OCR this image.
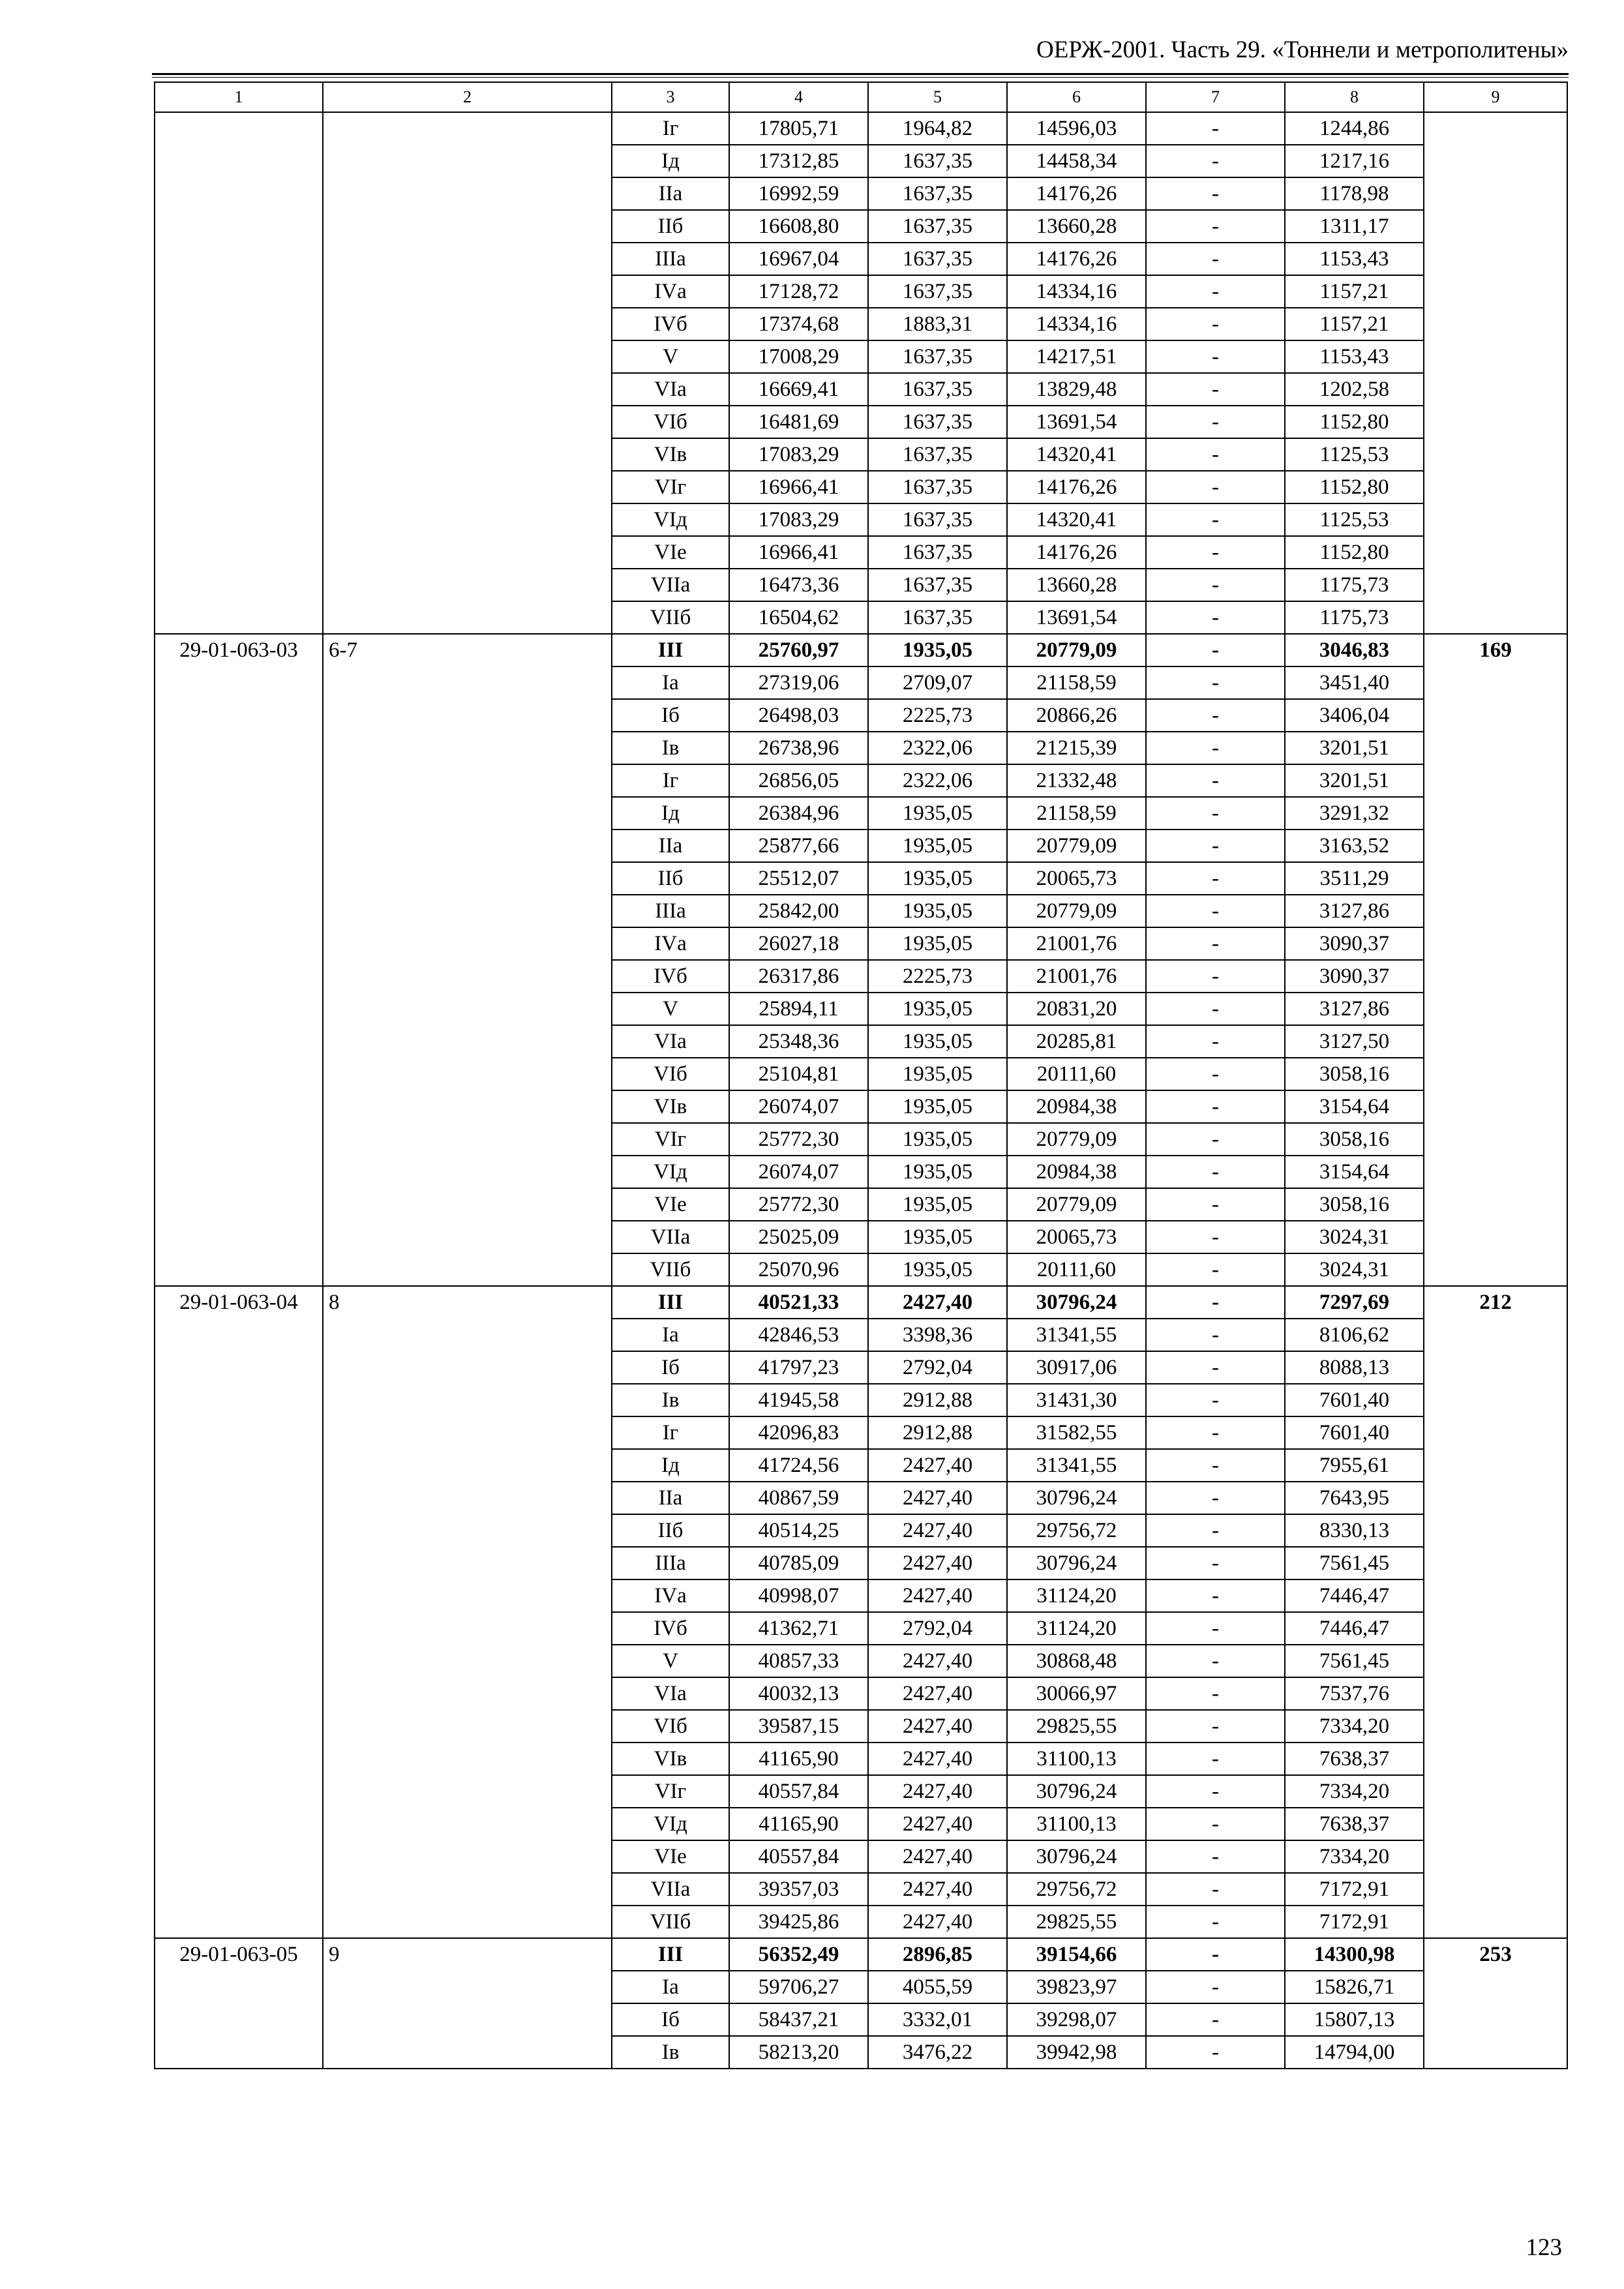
ОЕРЖ-2001. Часть 29. «Тоннели и метрополитены»
1	2	3	4	5	6	7	8	9
		Iг	17805,71	1964,82	14596,03	-	1244,86	
		Iд	17312,85	1637,35	14458,34	-	1217,16	
		IIа	16992,59	1637,35	14176,26	-	1178,98	
		IIб	16608,80	1637,35	13660,28	-	1311,17	
		IIIа	16967,04	1637,35	14176,26	-	1153,43	
		IVа	17128,72	1637,35	14334,16	-	1157,21	
		IVб	17374,68	1883,31	14334,16	-	1157,21	
		V	17008,29	1637,35	14217,51	-	1153,43	
		VIа	16669,41	1637,35	13829,48	-	1202,58	
		VIб	16481,69	1637,35	13691,54	-	1152,80	
		VIв	17083,29	1637,35	14320,41	-	1125,53	
		VIг	16966,41	1637,35	14176,26	-	1152,80	
		VIд	17083,29	1637,35	14320,41	-	1125,53	
		VIе	16966,41	1637,35	14176,26	-	1152,80	
		VIIа	16473,36	1637,35	13660,28	-	1175,73	
		VIIб	16504,62	1637,35	13691,54	-	1175,73	
29-01-063-03	6-7	III	25760,97	1935,05	20779,09	-	3046,83	169
		Iа	27319,06	2709,07	21158,59	-	3451,40	
		Iб	26498,03	2225,73	20866,26	-	3406,04	
		Iв	26738,96	2322,06	21215,39	-	3201,51	
		Iг	26856,05	2322,06	21332,48	-	3201,51	
		Iд	26384,96	1935,05	21158,59	-	3291,32	
		IIа	25877,66	1935,05	20779,09	-	3163,52	
		IIб	25512,07	1935,05	20065,73	-	3511,29	
		IIIа	25842,00	1935,05	20779,09	-	3127,86	
		IVа	26027,18	1935,05	21001,76	-	3090,37	
		IVб	26317,86	2225,73	21001,76	-	3090,37	
		V	25894,11	1935,05	20831,20	-	3127,86	
		VIа	25348,36	1935,05	20285,81	-	3127,50	
		VIб	25104,81	1935,05	20111,60	-	3058,16	
		VIв	26074,07	1935,05	20984,38	-	3154,64	
		VIг	25772,30	1935,05	20779,09	-	3058,16	
		VIд	26074,07	1935,05	20984,38	-	3154,64	
		VIе	25772,30	1935,05	20779,09	-	3058,16	
		VIIа	25025,09	1935,05	20065,73	-	3024,31	
		VIIб	25070,96	1935,05	20111,60	-	3024,31	
29-01-063-04	8	III	40521,33	2427,40	30796,24	-	7297,69	212
		Iа	42846,53	3398,36	31341,55	-	8106,62	
		Iб	41797,23	2792,04	30917,06	-	8088,13	
		Iв	41945,58	2912,88	31431,30	-	7601,40	
		Iг	42096,83	2912,88	31582,55	-	7601,40	
		Iд	41724,56	2427,40	31341,55	-	7955,61	
		IIа	40867,59	2427,40	30796,24	-	7643,95	
		IIб	40514,25	2427,40	29756,72	-	8330,13	
		IIIа	40785,09	2427,40	30796,24	-	7561,45	
		IVа	40998,07	2427,40	31124,20	-	7446,47	
		IVб	41362,71	2792,04	31124,20	-	7446,47	
		V	40857,33	2427,40	30868,48	-	7561,45	
		VIа	40032,13	2427,40	30066,97	-	7537,76	
		VIб	39587,15	2427,40	29825,55	-	7334,20	
		VIв	41165,90	2427,40	31100,13	-	7638,37	
		VIг	40557,84	2427,40	30796,24	-	7334,20	
		VIд	41165,90	2427,40	31100,13	-	7638,37	
		VIе	40557,84	2427,40	30796,24	-	7334,20	
		VIIа	39357,03	2427,40	29756,72	-	7172,91	
		VIIб	39425,86	2427,40	29825,55	-	7172,91	
29-01-063-05	9	III	56352,49	2896,85	39154,66	-	14300,98	253
		Iа	59706,27	4055,59	39823,97	-	15826,71	
		Iб	58437,21	3332,01	39298,07	-	15807,13	
		Iв	58213,20	3476,22	39942,98	-	14794,00	
123
